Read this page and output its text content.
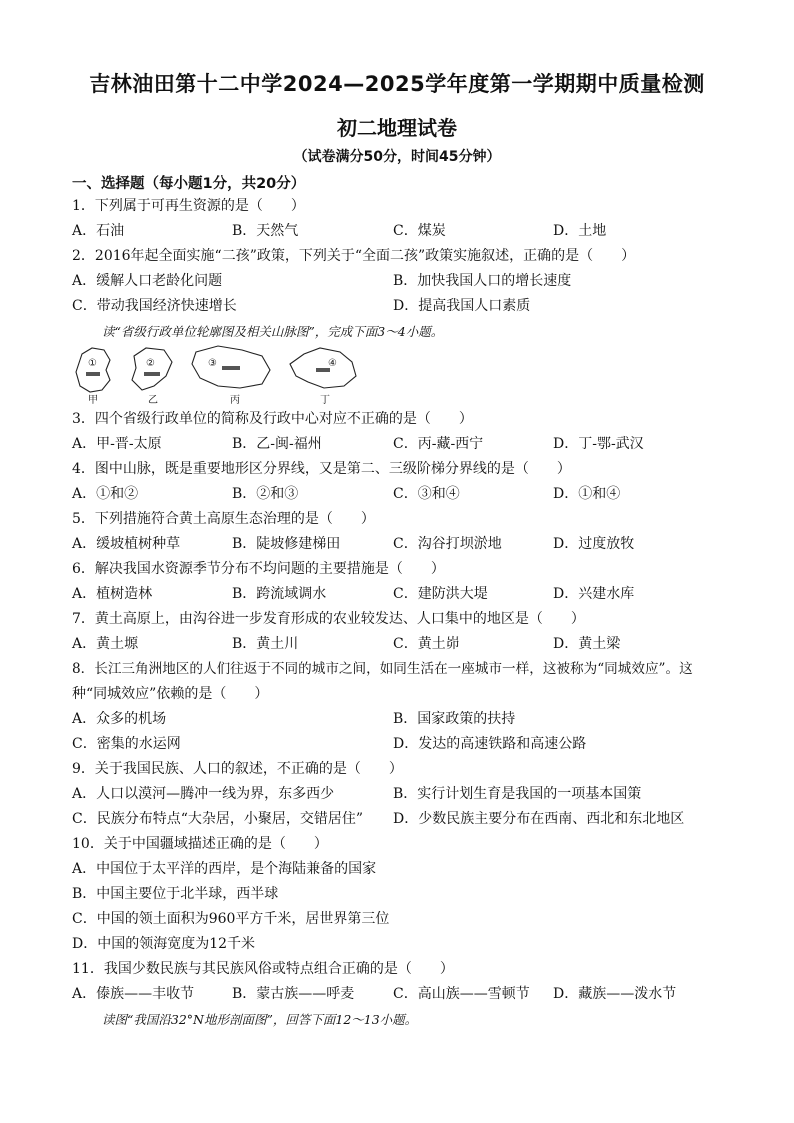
吉林油田第十二中学2024—2025学年度第一学期期中质量检测
初二地理试卷
（试卷满分50分，时间45分钟）
一、选择题（每小题1分，共20分）
1．下列属于可再生资源的是（　　）
A．石油	B．天然气	C．煤炭	D．土地
2．2016年起全面实施“二孩”政策，下列关于“全面二孩”政策实施叙述，正确的是（　　）
A．缓解人口老龄化问题	B．加快我国人口的增长速度
C．带动我国经济快速增长	D．提高我国人口素质
读“省级行政单位轮廓图及相关山脉图”，完成下面3～4小题。
①	②	③	④
甲	乙	丙	丁
3．四个省级行政单位的简称及行政中心对应不正确的是（　　）
A．甲-晋-太原	B．乙-闽-福州	C．丙-藏-西宁	D．丁-鄂-武汉
4．图中山脉，既是重要地形区分界线，又是第二、三级阶梯分界线的是（　　）
A．①和②	B．②和③	C．③和④	D．①和④
5．下列措施符合黄土高原生态治理的是（　　）
A．缓坡植树种草	B．陡坡修建梯田	C．沟谷打坝淤地	D．过度放牧
6．解决我国水资源季节分布不均问题的主要措施是（　　）
A．植树造林	B．跨流域调水	C．建防洪大堤	D．兴建水库
7．黄土高原上，由沟谷进一步发育形成的农业较发达、人口集中的地区是（　　）
A．黄土塬	B．黄土川	C．黄土峁	D．黄土梁
8．长江三角洲地区的人们往返于不同的城市之间，如同生活在一座城市一样，这被称为“同城效应”。这
种“同城效应”依赖的是（　　）
A．众多的机场	B．国家政策的扶持
C．密集的水运网	D．发达的高速铁路和高速公路
9．关于我国民族、人口的叙述，不正确的是（　　）
A．人口以漠河—腾冲一线为界，东多西少	B．实行计划生育是我国的一项基本国策
C．民族分布特点“大杂居，小聚居，交错居住” D．少数民族主要分布在西南、西北和东北地区
10．关于中国疆域描述正确的是（　　）
A．中国位于太平洋的西岸，是个海陆兼备的国家
B．中国主要位于北半球，西半球
C．中国的领土面积为960平方千米，居世界第三位
D．中国的领海宽度为12千米
11．我国少数民族与其民族风俗或特点组合正确的是（　　）
A．傣族——丰收节	B．蒙古族——呼麦	C．高山族——雪顿节 D．藏族——泼水节
读图“我国沿32°N地形剖面图”，回答下面12～13小题。
